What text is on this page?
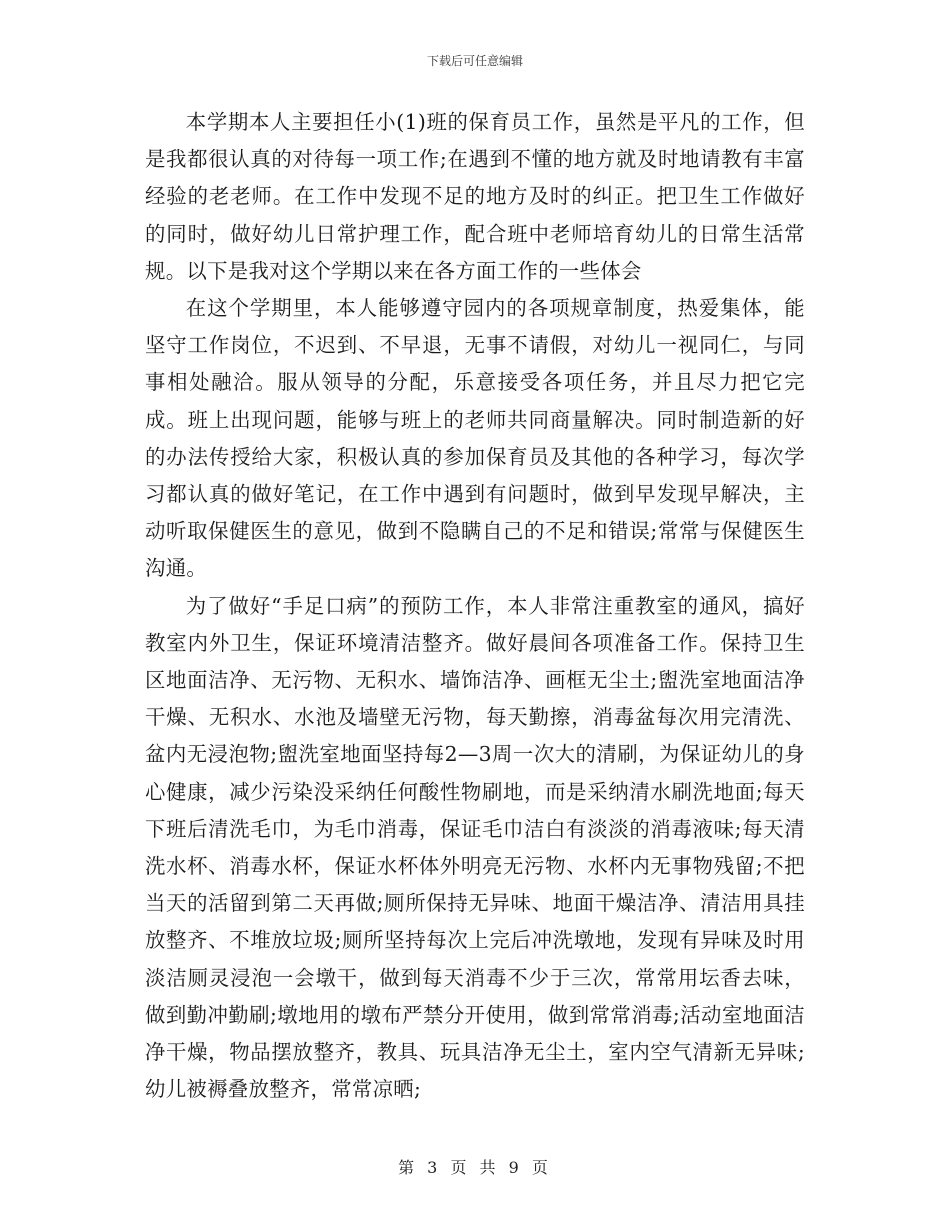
下载后可任意编辑

本学期本人主要担任小(1)班的保育员工作，虽然是平凡的工作，但是我都很认真的对待每一项工作;在遇到不懂的地方就及时地请教有丰富经验的老老师。在工作中发现不足的地方及时的纠正。把卫生工作做好的同时，做好幼儿日常护理工作，配合班中老师培育幼儿的日常生活常规。以下是我对这个学期以来在各方面工作的一些体会

在这个学期里，本人能够遵守园内的各项规章制度，热爱集体，能坚守工作岗位，不迟到、不早退，无事不请假，对幼儿一视同仁，与同事相处融洽。服从领导的分配，乐意接受各项任务，并且尽力把它完成。班上出现问题，能够与班上的老师共同商量解决。同时制造新的好的办法传授给大家，积极认真的参加保育员及其他的各种学习，每次学习都认真的做好笔记，在工作中遇到有问题时，做到早发现早解决，主动听取保健医生的意见，做到不隐瞒自己的不足和错误;常常与保健医生沟通。

为了做好“手足口病”的预防工作，本人非常注重教室的通风，搞好教室内外卫生，保证环境清洁整齐。做好晨间各项准备工作。保持卫生区地面洁净、无污物、无积水、墙饰洁净、画框无尘土;盥洗室地面洁净干燥、无积水、水池及墙壁无污物，每天勤擦，消毒盆每次用完清洗、盆内无浸泡物;盥洗室地面坚持每2—3周一次大的清刷，为保证幼儿的身心健康，减少污染没采纳任何酸性物刷地，而是采纳清水刷洗地面;每天下班后清洗毛巾，为毛巾消毒，保证毛巾洁白有淡淡的消毒液味;每天清洗水杯、消毒水杯，保证水杯体外明亮无污物、水杯内无事物残留;不把当天的活留到第二天再做;厕所保持无异味、地面干燥洁净、清洁用具挂放整齐、不堆放垃圾;厕所坚持每次上完后冲洗墩地，发现有异味及时用淡洁厕灵浸泡一会墩干，做到每天消毒不少于三次，常常用坛香去味，做到勤冲勤刷;墩地用的墩布严禁分开使用，做到常常消毒;活动室地面洁净干燥，物品摆放整齐，教具、玩具洁净无尘土，室内空气清新无异味;幼儿被褥叠放整齐，常常凉晒;

第 3 页 共 9 页
